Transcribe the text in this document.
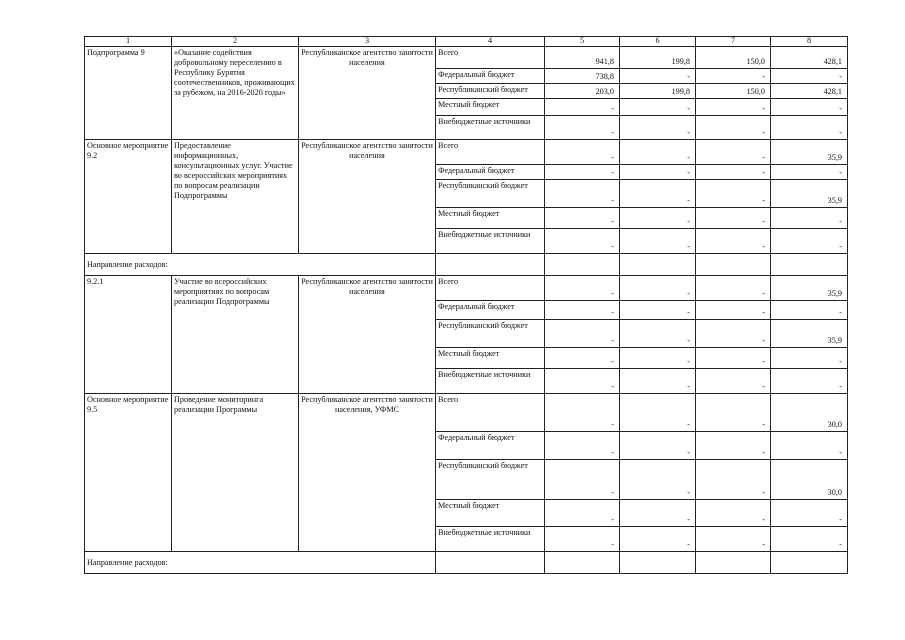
1	2	3	4	5	6	7	8
Подпрограмма 9	«Оказание содействия добровольному переселению в Республику Бурятия соотечественников, проживающих за рубежом, на 2016-2020 годы»	Республиканское агентство занятости населения	Всего	941,8	199,8	150,0	428,1
			Федеральный бюджет	738,8	-	-	-
			Республиканский бюджет	203,0	199,8	150,0	428,1
			Местный бюджет	-	-	-	-
			Внебюджетные источники	-	-	-	-
Основное мероприятие 9.2	Предоставление информационных, консультационных услуг. Участие во всероссийских мероприятиях по вопросам реализации Подпрограммы	Республиканское агентство занятости населения	Всего	-	-	-	35,9
			Федеральный бюджет	-	-	-	-
			Республиканский бюджет	-	-	-	35,9
			Местный бюджет	-	-	-	-
			Внебюджетные источники	-	-	-	-
Направление расходов:							
9.2.1	Участие во всероссийских мероприятиях по вопросам реализации Подпрограммы	Республиканское агентство занятости населения	Всего	-	-	-	35,9
			Федеральный бюджет	-	-	-	-
			Республиканский бюджет	-	-	-	35,9
			Местный бюджет	-	-	-	-
			Внебюджетные источники	-	-	-	-
Основное мероприятие 9.5	Проведение мониторинга реализации Программы	Республиканское агентство занятости населения, УФМС	Всего	-	-	-	30,0
			Федеральный бюджет	-	-	-	-
			Республиканский бюджет	-	-	-	30,0
			Местный бюджет	-	-	-	-
			Внебюджетные источники	-	-	-	-
Направление расходов:							
